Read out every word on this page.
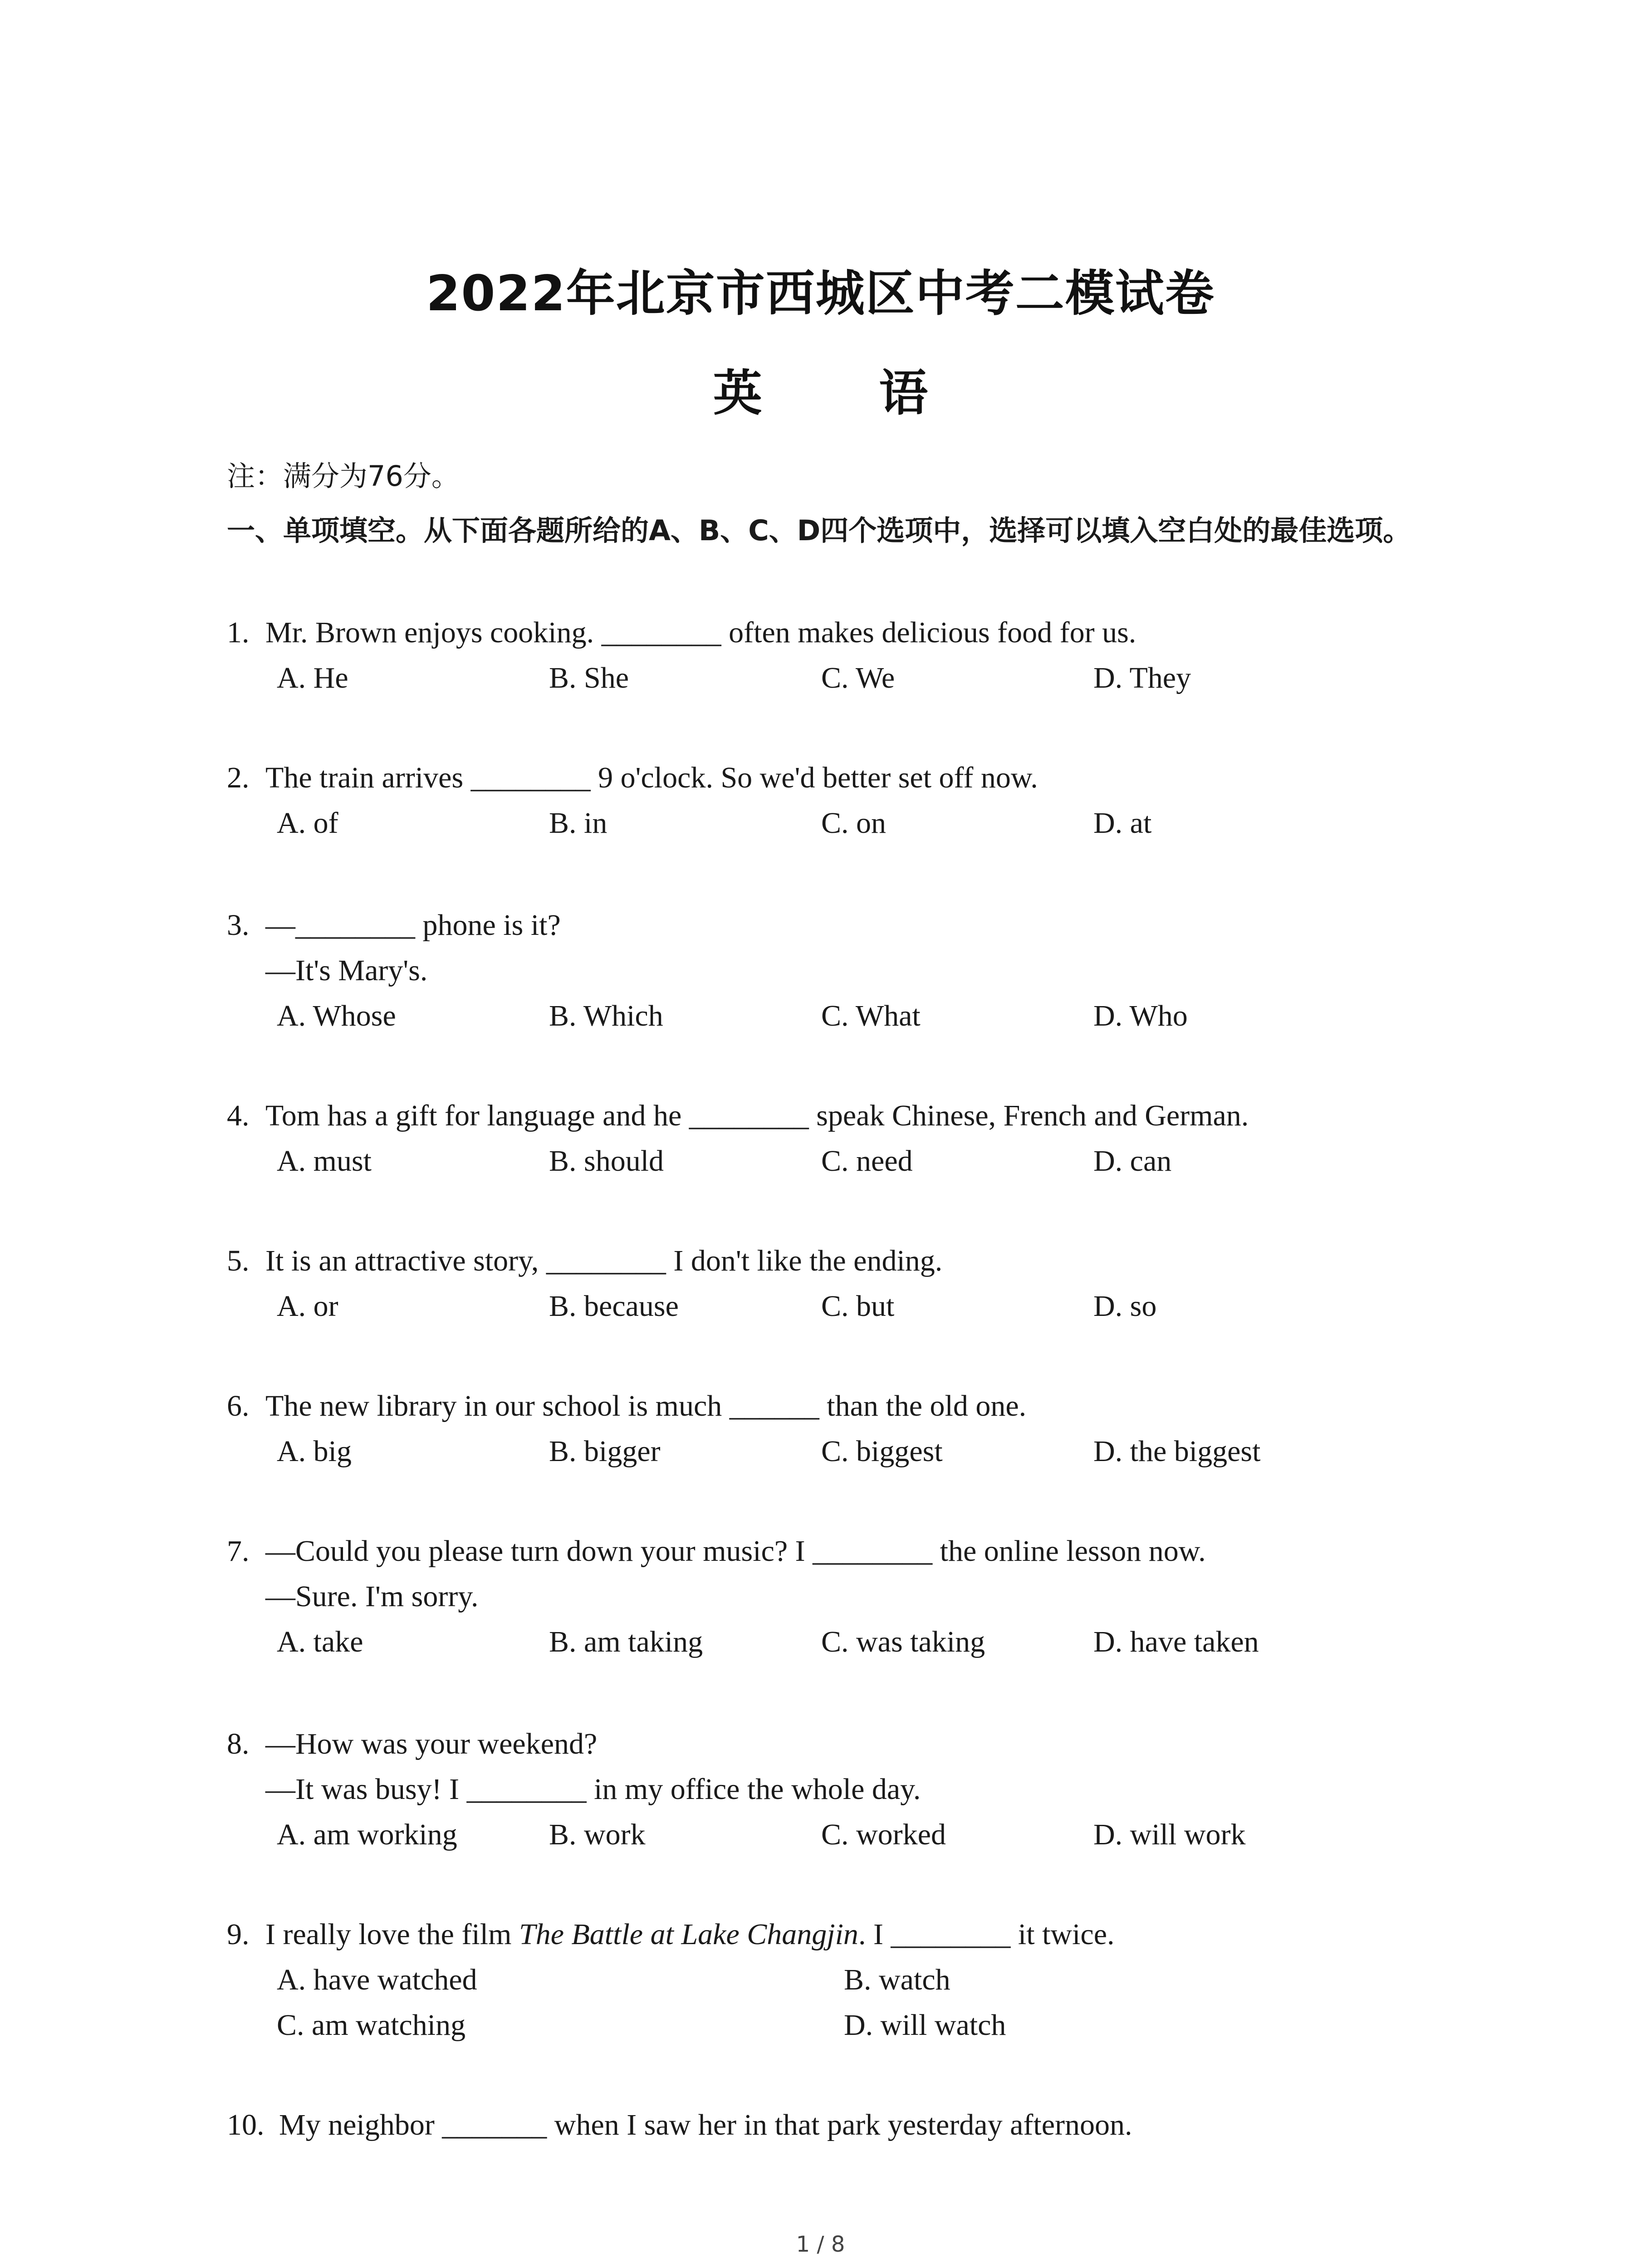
2022年北京市西城区中考二模试卷
英 语
注：满分为76分。
一、单项填空。从下面各题所给的A、B、C、D四个选项中，选择可以填入空白处的最佳选项。
1. Mr. Brown enjoys cooking. ________ often makes delicious food for us.
A. He	B. She	C. We	D. They
2. The train arrives ________ 9 o'clock. So we'd better set off now.
A. of	B. in	C. on	D. at
3. —________ phone is it?
—It's Mary's.
A. Whose	B. Which	C. What	D. Who
4. Tom has a gift for language and he ________ speak Chinese, French and German.
A. must	B. should	C. need	D. can
5. It is an attractive story, ________ I don't like the ending.
A. or	B. because	C. but	D. so
6. The new library in our school is much ______ than the old one.
A. big	B. bigger	C. biggest	D. the biggest
7. —Could you please turn down your music? I ________ the online lesson now.
—Sure. I'm sorry.
A. take	B. am taking	C. was taking	D. have taken
8. —How was your weekend?
—It was busy! I ________ in my office the whole day.
A. am working	B. work	C. worked	D. will work
9. I really love the film The Battle at Lake Changjin. I ________ it twice.
A. have watched	B. watch
C. am watching	D. will watch
10. My neighbor _______ when I saw her in that park yesterday afternoon.
1 / 8
